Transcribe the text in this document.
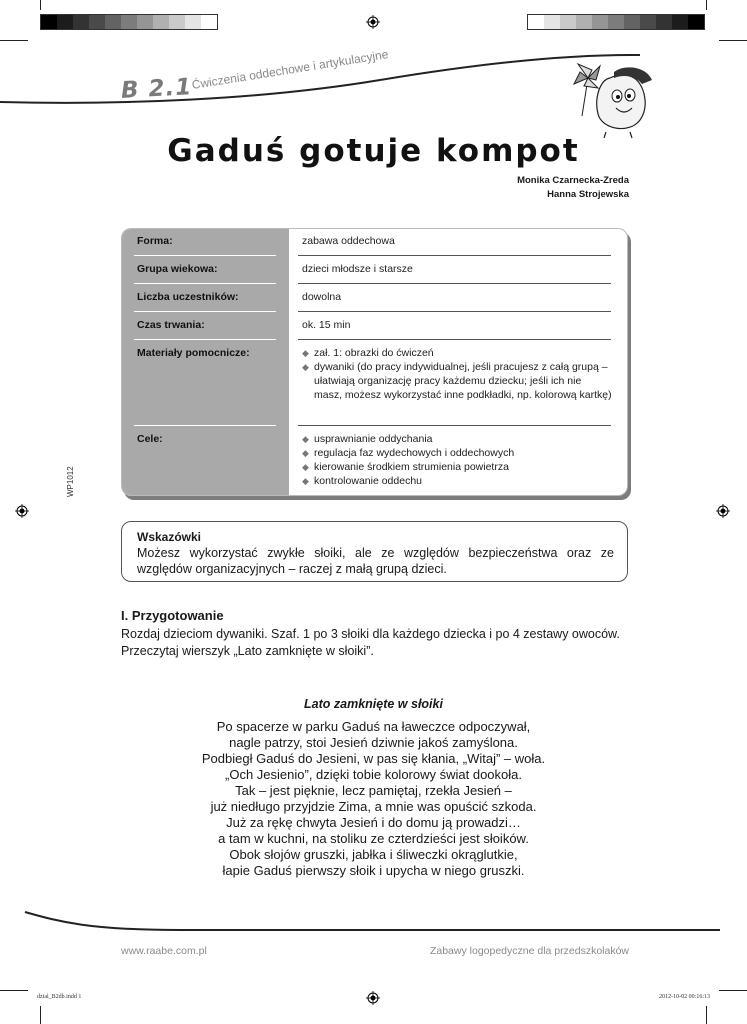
B 2.1
Ćwiczenia oddechowe i artykulacyjne
Gaduś gotuje kompot
Monika Czarnecka-Zreda
Hanna Strojewska
Forma:	zabawa oddechowa
Grupa wiekowa:	dzieci młodsze i starsze
Liczba uczestników:	dowolna
Czas trwania:	ok. 15 min
Materiały pomocnicze:	◆ zał. 1: obrazki do ćwiczeń
◆ dywaniki (do pracy indywidualnej, jeśli pracujesz z całą grupą – ułatwiają organizację pracy każdemu dziecku; jeśli ich nie masz, możesz wykorzystać inne podkładki, np. kolorową kartkę)
Cele:	◆ usprawnianie oddychania
◆ regulacja faz wydechowych i oddechowych
◆ kierowanie środkiem strumienia powietrza
◆ kontrolowanie oddechu
WP1012
Wskazówki
Możesz wykorzystać zwykłe słoiki, ale ze względów bezpieczeństwa oraz ze względów organizacyjnych – raczej z małą grupą dzieci.
I. Przygotowanie
Rozdaj dzieciom dywaniki. Szaf. 1 po 3 słoiki dla każdego dziecka i po 4 zestawy owoców.
Przeczytaj wierszyk „Lato zamknięte w słoiki”.
Lato zamknięte w słoiki
Po spacerze w parku Gaduś na ławeczce odpoczywał,
nagle patrzy, stoi Jesień dziwnie jakoś zamyślona.
Podbiegł Gaduś do Jesieni, w pas się kłania, „Witaj” – woła.
„Och Jesienio”, dzięki tobie kolorowy świat dookoła.
Tak – jest pięknie, lecz pamiętaj, rzekła Jesień –
już niedługo przyjdzie Zima, a mnie was opuścić szkoda.
Już za rękę chwyta Jesień i do domu ją prowadzi…
a tam w kuchni, na stoliku ze czterdzieści jest słoików.
Obok słojów gruszki, jabłka i śliweczki okrąglutkie,
łapie Gaduś pierwszy słoik i upycha w niego gruszki.
www.raabe.com.pl	Zabawy logopedyczne dla przedszkolaków
dzial_B2db.indd 1	2012-10-02 00:16:13
